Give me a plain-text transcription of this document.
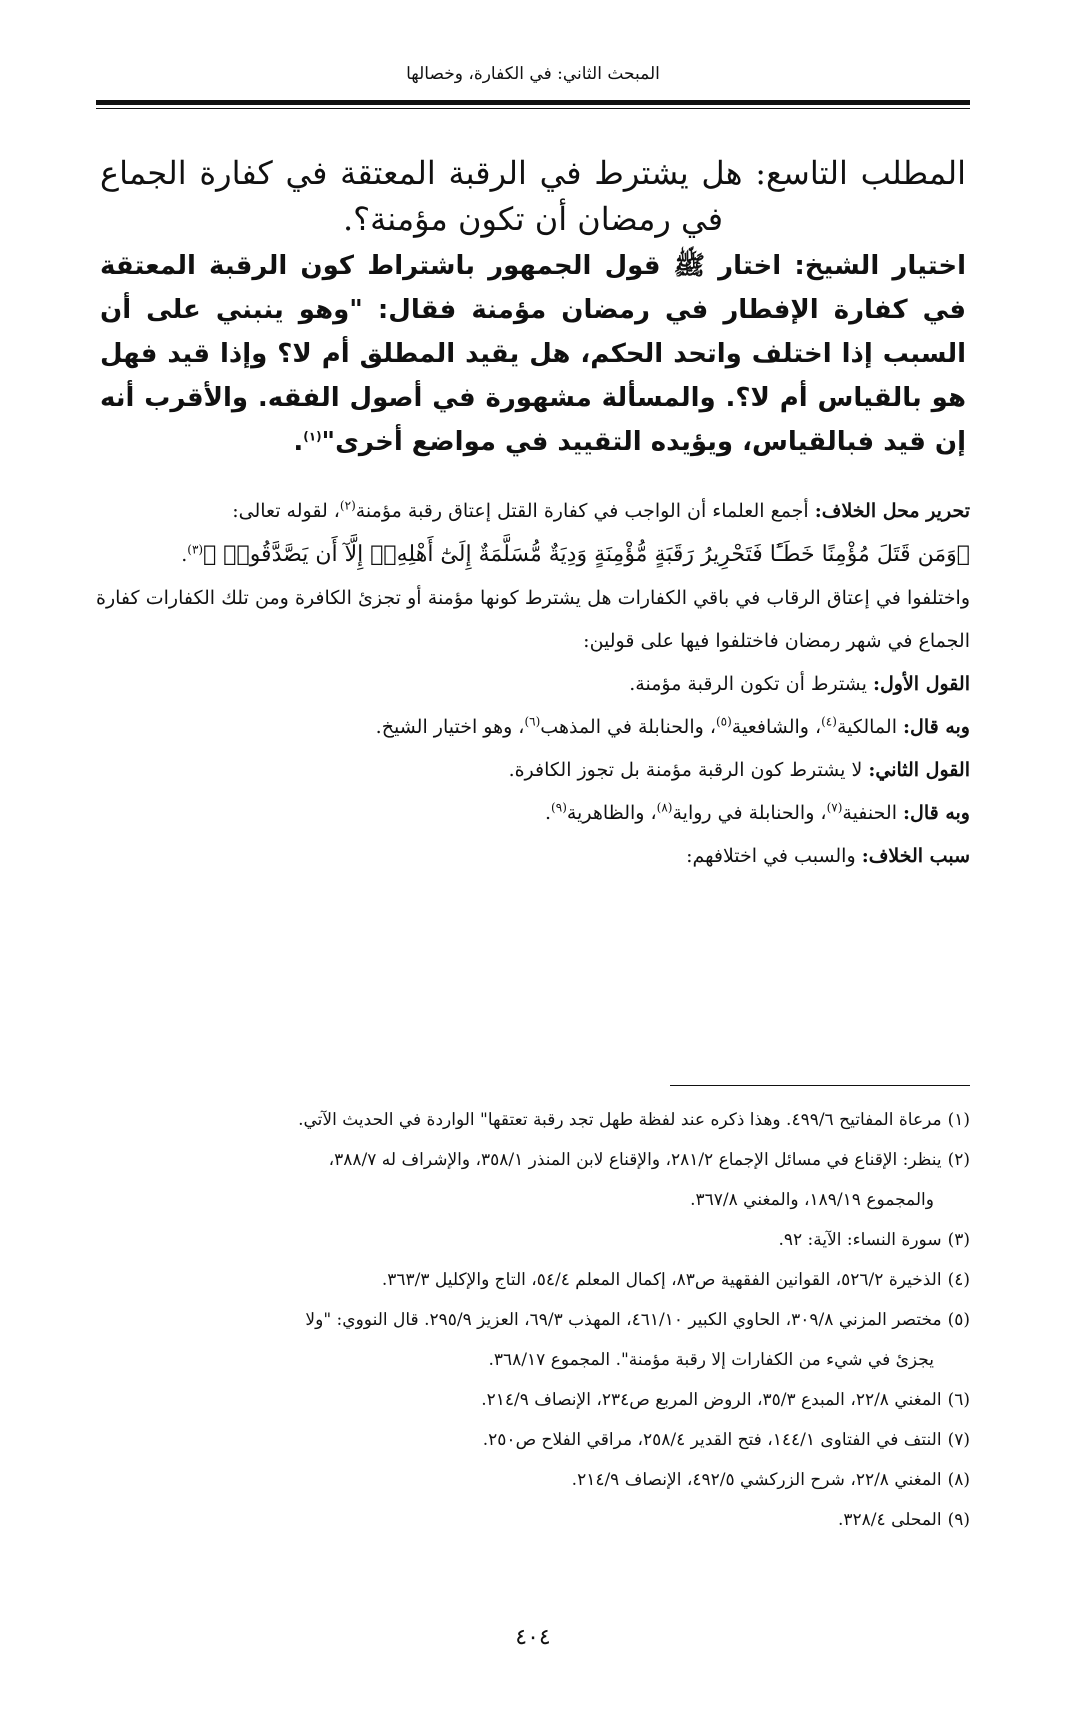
المبحث الثاني: في الكفارة، وخصالها
المطلب التاسع: هل يشترط في الرقبة المعتقة في كفارة الجماع في رمضان أن تكون مؤمنة؟.
اختيار الشيخ: اختار ﷺ قول الجمهور باشتراط كون الرقبة المعتقة في كفارة الإفطار في رمضان مؤمنة فقال: "وهو ينبني على أن السبب إذا اختلف واتحد الحكم، هل يقيد المطلق أم لا؟ وإذا قيد فهل هو بالقياس أم لا؟. والمسألة مشهورة في أصول الفقه. والأقرب أنه إن قيد فبالقياس، ويؤيده التقييد في مواضع أخرى"$^{(١)}$.

تحرير محل الخلاف: أجمع العلماء أن الواجب في كفارة القتل إعتاق رقبة مؤمنة$^{(٢)}$، لقوله تعالى:

﴿وَمَن قَتَلَ مُؤْمِنًا خَطَـًٔا فَتَحْرِيرُ رَقَبَةٍ مُّؤْمِنَةٍ وَدِيَةٌ مُّسَلَّمَةٌ إِلَىٰٓ أَهْلِهِۦٓ إِلَّآ أَن يَصَّدَّقُوا۟ ﴾$^{(٣)}$.

واختلفوا في إعتاق الرقاب في باقي الكفارات هل يشترط كونها مؤمنة أو تجزئ الكافرة ومن تلك الكفارات كفارة الجماع في شهر رمضان فاختلفوا فيها على قولين:

القول الأول: يشترط أن تكون الرقبة مؤمنة.

وبه قال: المالكية$^{(٤)}$، والشافعية$^{(٥)}$، والحنابلة في المذهب$^{(٦)}$، وهو اختيار الشيخ.

القول الثاني: لا يشترط كون الرقبة مؤمنة بل تجوز الكافرة.

وبه قال: الحنفية$^{(٧)}$، والحنابلة في رواية$^{(٨)}$، والظاهرية$^{(٩)}$.

سبب الخلاف: والسبب في اختلافهم:

(١)مرعاة المفاتيح ٤٩٩/٦. وهذا ذكره عند لفظة طهل تجد رقبة تعتقها" الواردة في الحديث الآتي.
(٢)ينظر: الإقناع في مسائل الإجماع ٢٨١/٢، والإقناع لابن المنذر ٣٥٨/١، والإشراف له ٣٨٨/٧،
والمجموع ١٨٩/١٩، والمغني ٣٦٧/٨.
(٣)سورة النساء: الآية: ٩٢.
(٤)الذخيرة ٥٢٦/٢، القوانين الفقهية ص٨٣، إكمال المعلم ٥٤/٤، التاج والإكليل ٣٦٣/٣.
(٥)مختصر المزني ٣٠٩/٨، الحاوي الكبير ٤٦١/١٠، المهذب ٦٩/٣، العزيز ٢٩٥/٩. قال النووي: "ولا
يجزئ في شيء من الكفارات إلا رقبة مؤمنة". المجموع ٣٦٨/١٧.
(٦)المغني ٢٢/٨، المبدع ٣٥/٣، الروض المربع ص٢٣٤، الإنصاف ٢١٤/٩.
(٧)النتف في الفتاوى ١٤٤/١، فتح القدير ٢٥٨/٤، مراقي الفلاح ص٢٥٠.
(٨)المغني ٢٢/٨، شرح الزركشي ٤٩٢/٥، الإنصاف ٢١٤/٩.
(٩)المحلى ٣٢٨/٤.
٤٠٤
